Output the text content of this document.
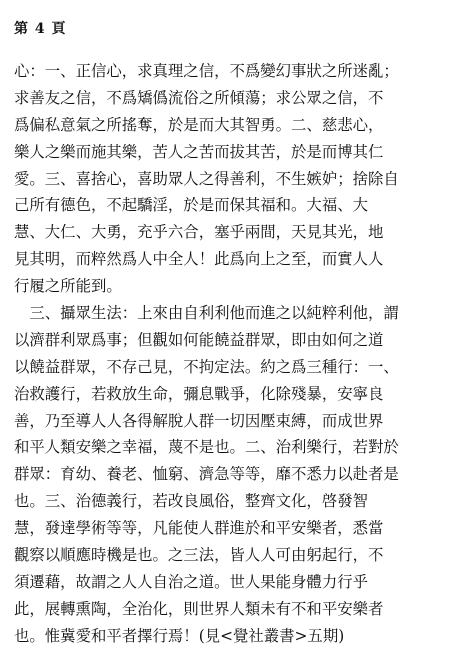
第 4 頁
心：一、正信心，求真理之信，不爲變幻事狀之所迷亂；
求善友之信，不爲矯僞流俗之所傾蕩；求公眾之信，不
爲偏私意氣之所搖奪，於是而大其智勇。二、慈悲心，
樂人之樂而施其樂，苦人之苦而拔其苦，於是而博其仁
愛。三、喜捨心，喜助眾人之得善利，不生嫉妒；捨除自
己所有德色，不起驕淫，於是而保其福和。大福、大
慧、大仁、大勇，充乎六合，塞乎兩間，天見其光，地
見其明，而粹然爲人中全人！此爲向上之至，而實人人
行履之所能到。
　三、攝眾生法：上來由自利利他而進之以純粹利他，謂
以濟群利眾爲事；但觀如何能饒益群眾，即由如何之道
以饒益群眾，不存己見，不拘定法。約之爲三種行：一、
治救護行，若救放生命，彌息戰爭，化除殘暴，安寧良
善，乃至導人人各得解脫人群一切因壓束縛，而成世界
和平人類安樂之幸福，蔑不是也。二、治利樂行，若對於
群眾：育幼、養老、恤窮、濟急等等，靡不悉力以赴者是
也。三、治德義行，若改良風俗，整齊文化，啓發智
慧，發達學術等等，凡能使人群進於和平安樂者，悉當
觀察以順應時機是也。之三法，皆人人可由躬起行，不
須遷藉，故謂之人人自治之道。世人果能身體力行乎
此，展轉熏陶，全治化，則世界人類未有不和平安樂者
也。惟冀愛和平者擇行焉！(見<覺社叢書>五期)
